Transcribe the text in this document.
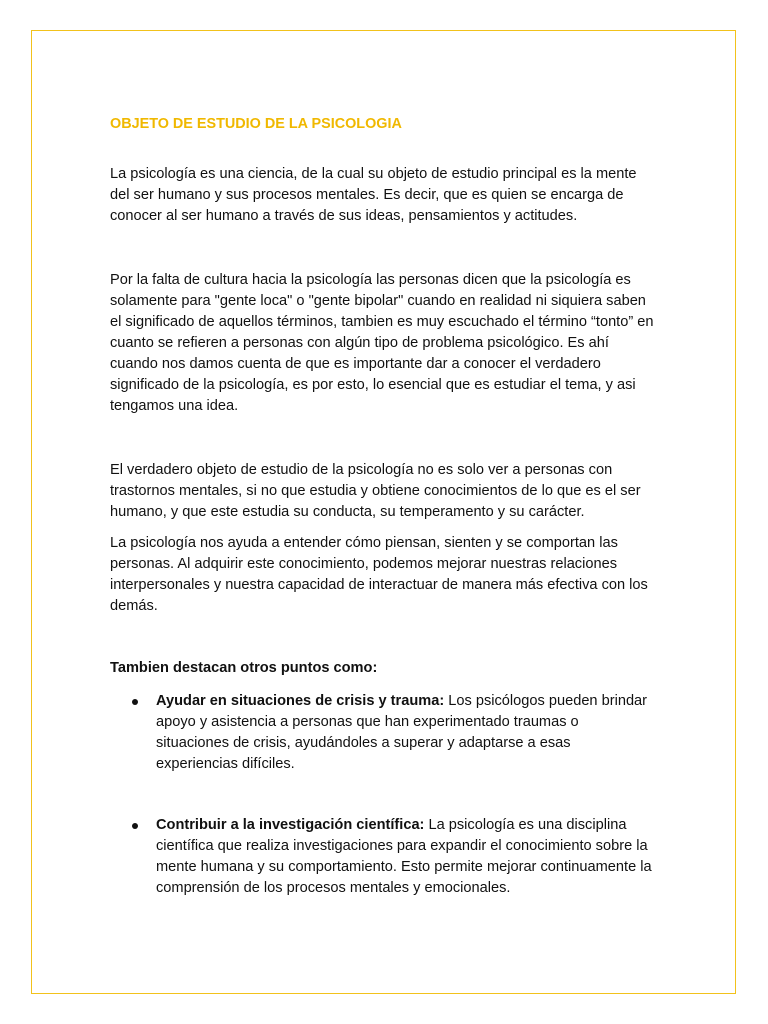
OBJETO DE ESTUDIO DE LA PSICOLOGIA

La psicología es una ciencia, de la cual su objeto de estudio principal es la mente del ser humano y sus procesos mentales. Es decir, que es quien se encarga de conocer al ser humano a través de sus ideas, pensamientos y actitudes.

Por la falta de cultura hacia la psicología las personas dicen que la psicología es solamente para "gente loca" o "gente bipolar" cuando en realidad ni siquiera saben el significado de aquellos términos, tambien es muy escuchado el término “tonto” en cuanto se refieren a personas con algún tipo de problema psicológico. Es ahí cuando nos damos cuenta de que es importante dar a conocer el verdadero significado de la psicología, es por esto, lo esencial que es estudiar el tema, y asi tengamos una idea.

El verdadero objeto de estudio de la psicología no es solo ver a personas con trastornos mentales, si no que estudia y obtiene conocimientos de lo que es el ser humano, y que este estudia su conducta, su temperamento y su carácter.

La psicología nos ayuda a entender cómo piensan, sienten y se comportan las personas. Al adquirir este conocimiento, podemos mejorar nuestras relaciones interpersonales y nuestra capacidad de interactuar de manera más efectiva con los demás.

Tambien destacan otros puntos como:

Ayudar en situaciones de crisis y trauma: Los psicólogos pueden brindar apoyo y asistencia a personas que han experimentado traumas o situaciones de crisis, ayudándoles a superar y adaptarse a esas experiencias difíciles.
Contribuir a la investigación científica: La psicología es una disciplina científica que realiza investigaciones para expandir el conocimiento sobre la mente humana y su comportamiento. Esto permite mejorar continuamente la comprensión de los procesos mentales y emocionales.
